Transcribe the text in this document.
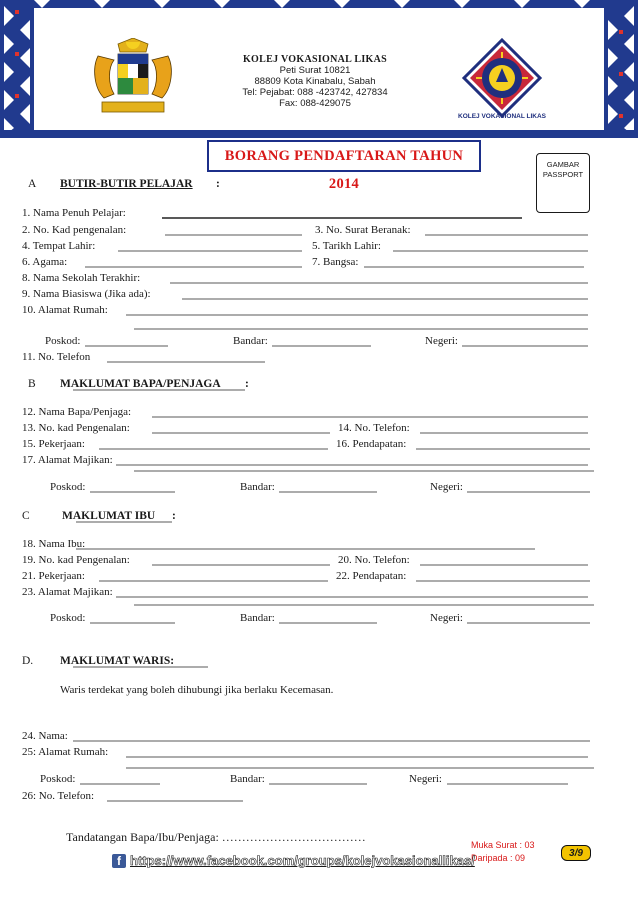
KOLEJ VOKASIONAL LIKAS
Peti Surat 10821
88809 Kota Kinabalu, Sabah
Tel: Pejabat: 088 -423742, 427834
Fax: 088-429075
KOLEJ VOKASIONAL LIKAS
BORANG PENDAFTARAN TAHUN 2014
GAMBAR
PASSPORT
A BUTIR-BUTIR PELAJAR :
1. Nama Penuh Pelajar:
2. No. Kad pengenalan:	3. No. Surat Beranak:
4. Tempat Lahir:	5. Tarikh Lahir:
6. Agama:	7. Bangsa:
8. Nama Sekolah Terakhir:
9. Nama Biasiswa (Jika ada):
10. Alamat Rumah:
Poskod:	Bandar:	Negeri:
11. No. Telefon
B MAKLUMAT BAPA/PENJAGA :
12. Nama Bapa/Penjaga:
13. No. kad Pengenalan:	14. No. Telefon:
15. Pekerjaan:	16. Pendapatan:
17. Alamat Majikan:
Poskod:	Bandar:	Negeri:
C	MAKLUMAT IBU :
18. Nama Ibu:
19. No. kad Pengenalan:	20. No. Telefon:
21. Pekerjaan:	22. Pendapatan:
23. Alamat Majikan:
Poskod:	Bandar:	Negeri:
D. MAKLUMAT WARIS:
Waris terdekat yang boleh dihubungi jika berlaku Kecemasan.
24. Nama:
25: Alamat Rumah:
Poskod:	Bandar:	Negeri:
26: No. Telefon:
Tandatangan Bapa/Ibu/Penjaga: ………………………………
Muka Surat : 03
Daripada : 09	3/9
f https://www.facebook.com/groups/kolejvokasionallikas/
